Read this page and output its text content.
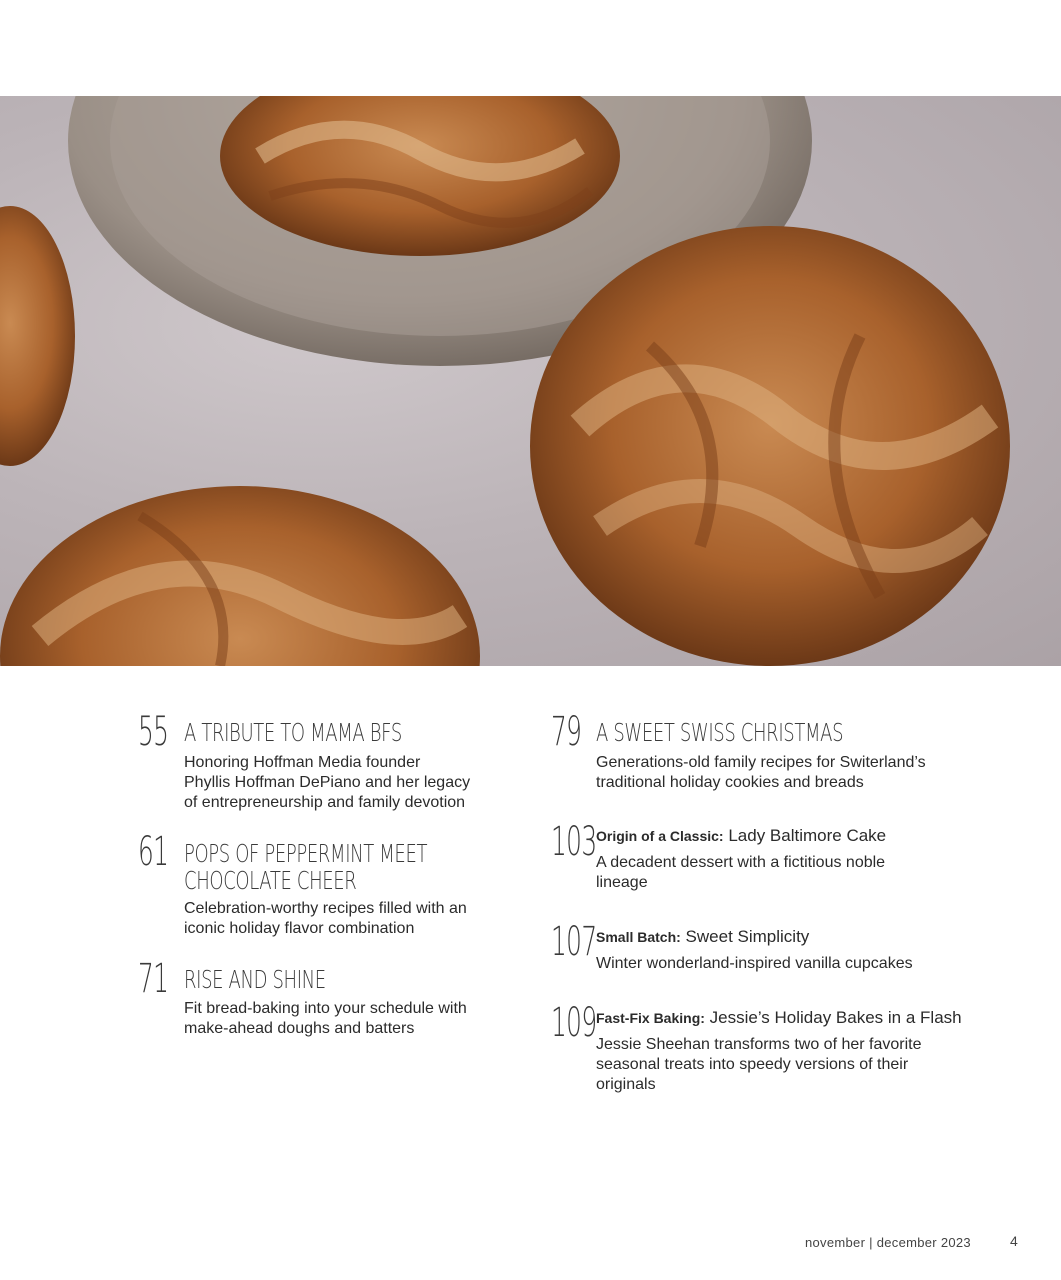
55 A TRIBUTE TO MAMA BFS
Honoring Hoffman Media founder
Phyllis Hoffman DePiano and her legacy
of entrepreneurship and family devotion
61 POPS OF PEPPERMINT MEET
CHOCOLATE CHEER
Celebration-worthy recipes filled with an
iconic holiday flavor combination
71 RISE AND SHINE
Fit bread-baking into your schedule with
make-ahead doughs and batters
79 A SWEET SWISS CHRISTMAS
Generations-old family recipes for Switerland’s
traditional holiday cookies and breads
103 Origin of a Classic: Lady Baltimore Cake
A decadent dessert with a fictitious noble
lineage
107 Small Batch: Sweet Simplicity
Winter wonderland-inspired vanilla cupcakes
109 Fast-Fix Baking: Jessie’s Holiday Bakes in a Flash
Jessie Sheehan transforms two of her favorite
seasonal treats into speedy versions of their
originals
november | december 2023	4
